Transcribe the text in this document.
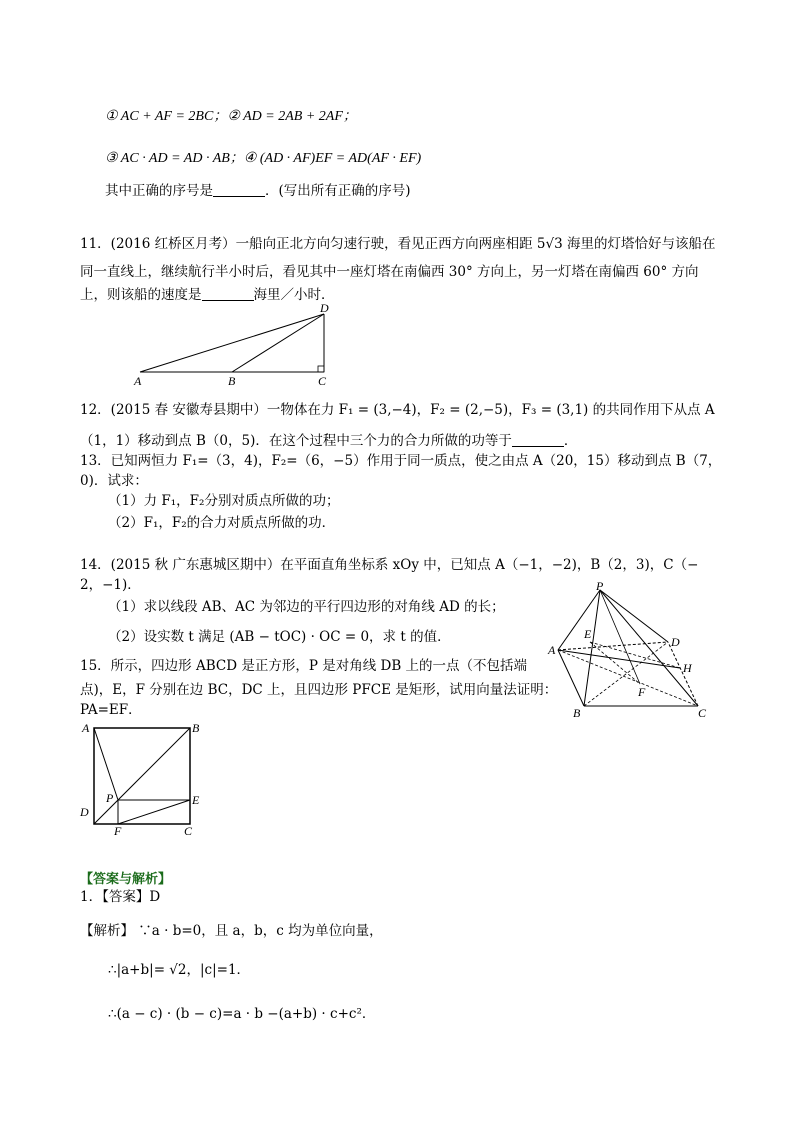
① AC + AF = 2BC；② AD = 2AB + 2AF；
③ AC · AD = AD · AB；④ (AD · AF)EF = AD(AF · EF)
其中正确的序号是	．(写出所有正确的序号)
11．(2016 红桥区月考）一船向正北方向匀速行驶，看见正西方向两座相距 5√3 海里的灯塔恰好与该船在
同一直线上，继续航行半小时后，看见其中一座灯塔在南偏西 30° 方向上，另一灯塔在南偏西 60° 方向
上，则该船的速度是	海里／小时．
A	B	C
D
12．(2015 春 安徽寿县期中）一物体在力 F₁ = (3,−4)，F₂ = (2,−5)，F₃ = (3,1) 的共同作用下从点 A
（1，1）移动到点 B（0，5)．在这个过程中三个力的合力所做的功等于	．
13．已知两恒力 F₁=（3，4)，F₂=（6，−5）作用于同一质点，使之由点 A（20，15）移动到点 B（7，
0)．试求：
（1）力 F₁，F₂分别对质点所做的功；
（2）F₁，F₂的合力对质点所做的功．
14．(2015 秋 广东惠城区期中）在平面直角坐标系 xOy 中，已知点 A（−1，−2)，B（2，3)，C（−
2，−1)．
（1）求以线段 AB、AC 为邻边的平行四边形的对角线 AD 的长；
（2）设实数 t 满足 (AB − tOC) · OC = 0，求 t 的值．
15．所示，四边形 ABCD 是正方形，P 是对角线 DB 上的一点（不包括端
点)，E，F 分别在边 BC，DC 上，且四边形 PFCE 是矩形，试用向量法证明：
PA=EF．
P
A
B	C
D
E
F
H
A	B
C
D
E
F
P
【答案与解析】
1．【答案】D
【解析】 ∵a · b=0，且 a，b，c 均为单位向量，
∴|a+b|= √2，|c|=1．
∴(a − c) · (b − c)=a · b −(a+b) · c+c²．
